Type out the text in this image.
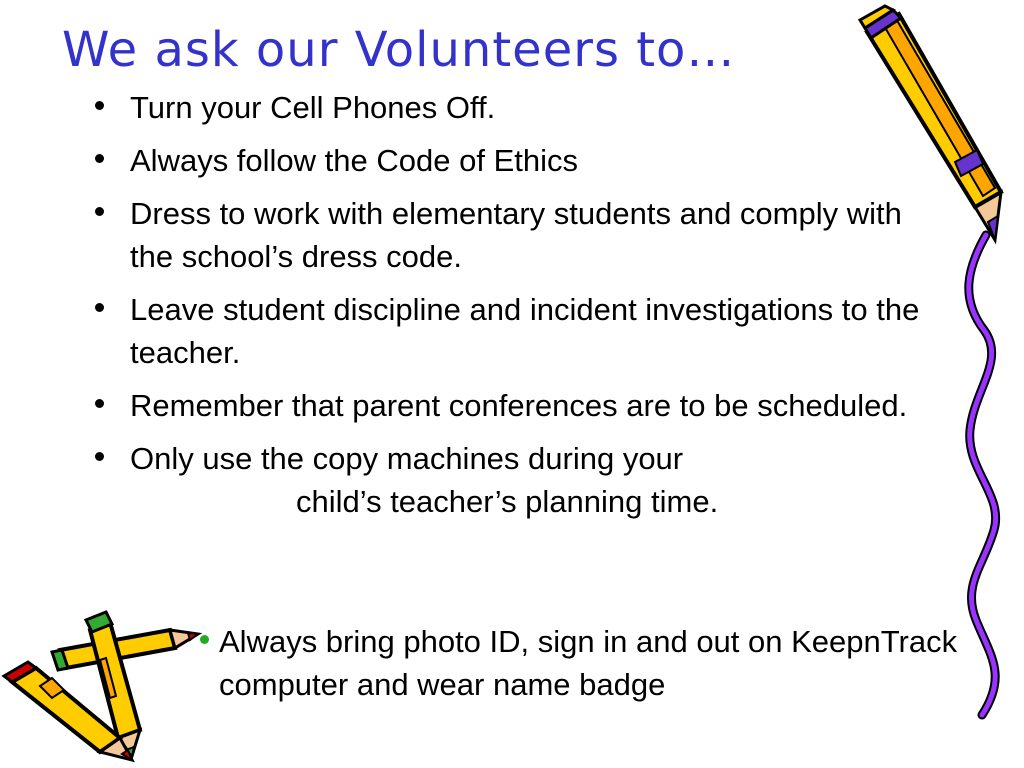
We ask our Volunteers to…
Turn your Cell Phones Off.
Always follow the Code of Ethics
Dress to work with elementary students and comply with the school’s dress code.
Leave student discipline and incident investigations to the teacher.
Remember that parent conferences are to be scheduled.
Only use the copy machines during your
child’s teacher’s planning time.
Always bring photo ID, sign in and out on KeepnTrack computer and wear name badge
